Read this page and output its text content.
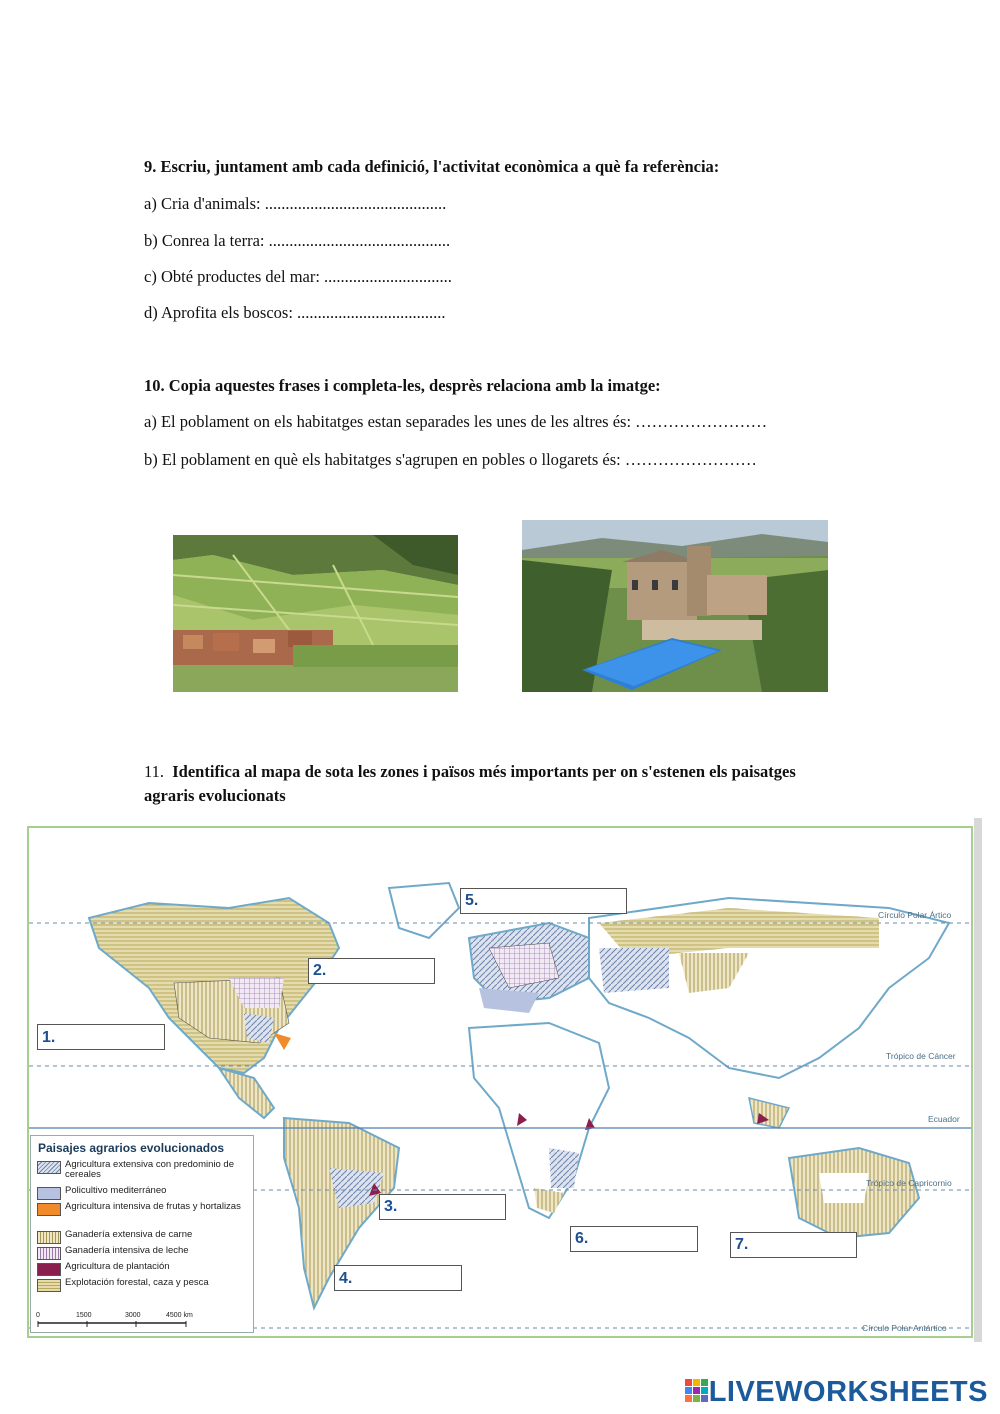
9. Escriu, juntament amb cada definició, l'activitat econòmica a què fa referència:
a) Cria d'animals: ............................................
b) Conrea la terra: ............................................
c) Obté productes del mar: ...............................
d) Aprofita els boscos: ....................................
10. Copia aquestes frases i completa-les, desprès relaciona amb la imatge:
a) El poblament on els habitatges estan separades les unes de les altres és: ……………………
b) El poblament en què els habitatges s'agrupen en pobles o llogarets és: ……………………
11. Identifica al mapa de sota les zones i països més importants per on s'estenen els paisatges agraris evolucionats
Círculo Polar Ártico
Trópico de Cáncer
Ecuador
Trópico de Capricornio
Círculo Polar Antártico
1.
2.
3.
4.
5.
6.	7.
Paisajes agrarios evolucionados
Agricultura extensiva con predominio de cereales
Policultivo mediterráneo
Agricultura intensiva de frutas y hortalizas
Ganadería extensiva de carne
Ganadería intensiva de leche
Agricultura de plantación
Explotación forestal, caza y pesca
0	1500	3000	4500 km
LIVEWORKSHEETS
